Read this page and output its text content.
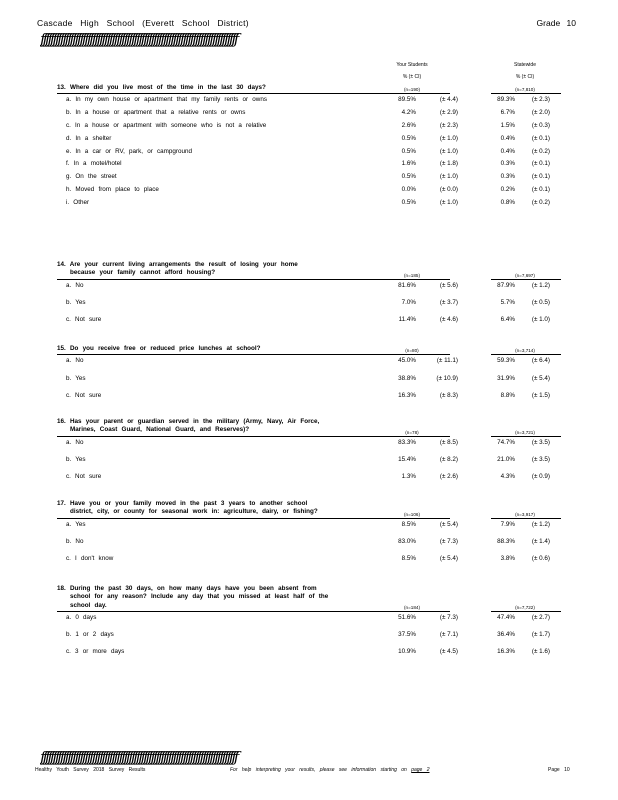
Cascade High School (Everett School District)	Grade 10
ƒƒƒƒƒƒƒƒƒƒƒƒƒƒƒƒƒƒƒƒƒƒƒƒƒƒƒƒƒƒƒƒƒƒƒƒƒƒƒƒƒƒƒƒƒƒƒƒƒƒƒƒƒƒƒƒƒƒƒƒƒƒƒƒƒƒƒƒƒƒƒƒƒƒƒƒƒƒƒƒ
Your Students
% (± CI)
Statewide
% (± CI)
13. Where did you live most of the time in the last 30 days?	(n=190)	(n=7,810)
a. In my own house or apartment that my family rents or owns	89.5%	(± 4.4)	89.3%	(± 2.3)
b. In a house or apartment that a relative rents or owns	4.2%	(± 2.9)	6.7%	(± 2.0)
c. In a house or apartment with someone who is not a relative	2.6%	(± 2.3)	1.5%	(± 0.3)
d. In a shelter	0.5%	(± 1.0)	0.4%	(± 0.1)
e. In a car or RV, park, or campground	0.5%	(± 1.0)	0.4%	(± 0.2)
f. In a motel/hotel	1.6%	(± 1.8)	0.3%	(± 0.1)
g. On the street	0.5%	(± 1.0)	0.3%	(± 0.1)
h. Moved from place to place	0.0%	(± 0.0)	0.2%	(± 0.1)
i. Other	0.5%	(± 1.0)	0.8%	(± 0.2)
14. Are your current living arrangements the result of losing your home
because your family cannot afford housing?	(n=185)	(n=7,697)
a. No	81.6%	(± 5.6)	87.9%	(± 1.2)
b. Yes	7.0%	(± 3.7)	5.7%	(± 0.5)
c. Not sure	11.4%	(± 4.6)	6.4%	(± 1.0)
15. Do you receive free or reduced price lunches at school?	(n=80)	(n=3,714)
a. No	45.0%	(± 11.1)	59.3%	(± 6.4)
b. Yes	38.8%	(± 10.9)	31.9%	(± 5.4)
c. Not sure	16.3%	(± 8.3)	8.8%	(± 1.5)
16. Has your parent or guardian served in the military (Army, Navy, Air Force,
Marines, Coast Guard, National Guard, and Reserves)?	(n=78)	(n=3,721)
a. No	83.3%	(± 8.5)	74.7%	(± 3.5)
b. Yes	15.4%	(± 8.2)	21.0%	(± 3.5)
c. Not sure	1.3%	(± 2.6)	4.3%	(± 0.9)
17. Have you or your family moved in the past 3 years to another school
district, city, or county for seasonal work in: agriculture, dairy, or fishing?	(n=106)	(n=3,917)
a. Yes	8.5%	(± 5.4)	7.9%	(± 1.2)
b. No	83.0%	(± 7.3)	88.3%	(± 1.4)
c. I don't know	8.5%	(± 5.4)	3.8%	(± 0.6)
18. During the past 30 days, on how many days have you been absent from
school for any reason? Include any day that you missed at least half of the
school day.	(n=184)	(n=7,722)
a. 0 days	51.6%	(± 7.3)	47.4%	(± 2.7)
b. 1 or 2 days	37.5%	(± 7.1)	36.4%	(± 1.7)
c. 3 or more days	10.9%	(± 4.5)	16.3%	(± 1.6)
ƒƒƒƒƒƒƒƒƒƒƒƒƒƒƒƒƒƒƒƒƒƒƒƒƒƒƒƒƒƒƒƒƒƒƒƒƒƒƒƒƒƒƒƒƒƒƒƒƒƒƒƒƒƒƒƒƒƒƒƒƒƒƒƒƒƒƒƒƒƒƒƒƒƒƒƒƒƒƒƒ
Healthy Youth Survey 2018 Survey Results	For help interpreting your results, please see information starting on page 2	Page 10
